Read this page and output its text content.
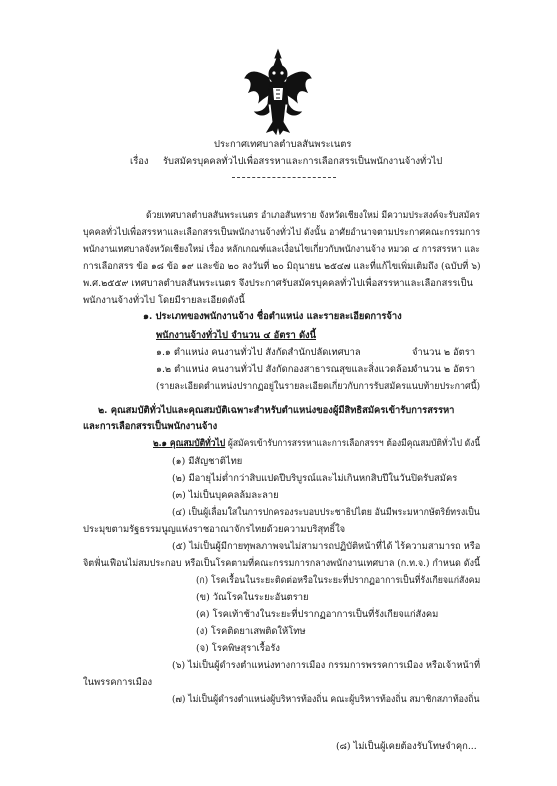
ประกาศเทศบาลตำบลสันพระเนตร
เรื่อง รับสมัครบุคคลทั่วไปเพื่อสรรหาและการเลือกสรรเป็นพนักงานจ้างทั่วไป
ด้วยเทศบาลตำบลสันพระเนตร อำเภอสันทราย จังหวัดเชียงใหม่ มีความประสงค์จะรับสมัคร
บุคคลทั่วไปเพื่อสรรหาและเลือกสรรเป็นพนักงานจ้างทั่วไป ดังนั้น อาศัยอำนาจตามประกาศคณะกรรมการ
พนักงานเทศบาลจังหวัดเชียงใหม่ เรื่อง หลักเกณฑ์และเงื่อนไขเกี่ยวกับพนักงานจ้าง หมวด ๔ การสรรหา และ
การเลือกสรร ข้อ ๑๘ ข้อ ๑๙ และข้อ ๒๐ ลงวันที่ ๒๐ มิถุนายน ๒๕๔๗ และที่แก้ไขเพิ่มเติมถึง (ฉบับที่ ๖)
พ.ศ.๒๕๕๙ เทศบาลตำบลสันพระเนตร จึงประกาศรับสมัครบุคคลทั่วไปเพื่อสรรหาและเลือกสรรเป็น
พนักงานจ้างทั่วไป โดยมีรายละเอียดดังนี้
๑. ประเภทของพนักงานจ้าง ชื่อตำแหน่ง และรายละเอียดการจ้าง
พนักงานจ้างทั่วไป จำนวน ๔ อัตรา ดังนี้
๑.๑ ตำแหน่ง คนงานทั่วไป สังกัดสำนักปลัดเทศบาล	จำนวน ๒ อัตรา
๑.๒ ตำแหน่ง คนงานทั่วไป สังกัดกองสาธารณสุขและสิ่งแวดล้อม
จำนวน ๒ อัตรา
(รายละเอียดตำแหน่งปรากฏอยู่ในรายละเอียดเกี่ยวกับการรับสมัครแนบท้ายประกาศนี้)
๒. คุณสมบัติทั่วไปและคุณสมบัติเฉพาะสำหรับตำแหน่งของผู้มีสิทธิสมัครเข้ารับการสรรหา
และการเลือกสรรเป็นพนักงานจ้าง
๒.๑ คุณสมบัติทั่วไป ผู้สมัครเข้ารับการสรรหาและการเลือกสรรฯ ต้องมีคุณสมบัติทั่วไป ดังนี้
(๑) มีสัญชาติไทย
(๒) มีอายุไม่ต่ำกว่าสิบแปดปีบริบูรณ์และไม่เกินหกสิบปีในวันปิดรับสมัคร
(๓) ไม่เป็นบุคคลล้มละลาย
(๔) เป็นผู้เลื่อมใสในการปกครองระบอบประชาธิปไตย อันมีพระมหากษัตริย์ทรงเป็น
ประมุขตามรัฐธรรมนูญแห่งราชอาณาจักรไทยด้วยความบริสุทธิ์ใจ
(๕) ไม่เป็นผู้มีกายทุพลภาพจนไม่สามารถปฏิบัติหน้าที่ได้ ไร้ความสามารถ หรือ
จิตฟั่นเฟือนไม่สมประกอบ หรือเป็นโรคตามที่คณะกรรมการกลางพนักงานเทศบาล (ก.ท.จ.) กำหนด ดังนี้
(ก) โรคเรื้อนในระยะติดต่อหรือในระยะที่ปรากฏอาการเป็นที่รังเกียจแก่สังคม
(ข) วัณโรคในระยะอันตราย
(ค) โรคเท้าช้างในระยะที่ปรากฏอาการเป็นที่รังเกียจแก่สังคม
(ง) โรคติดยาเสพติดให้โทษ
(จ) โรคพิษสุราเรื้อรัง
(๖) ไม่เป็นผู้ดำรงตำแหน่งทางการเมือง กรรมการพรรคการเมือง หรือเจ้าหน้าที่
ในพรรคการเมือง
(๗) ไม่เป็นผู้ดำรงตำแหน่งผู้บริหารท้องถิ่น คณะผู้บริหารท้องถิ่น สมาชิกสภาท้องถิ่น
(๘) ไม่เป็นผู้เคยต้องรับโทษจำคุก...
